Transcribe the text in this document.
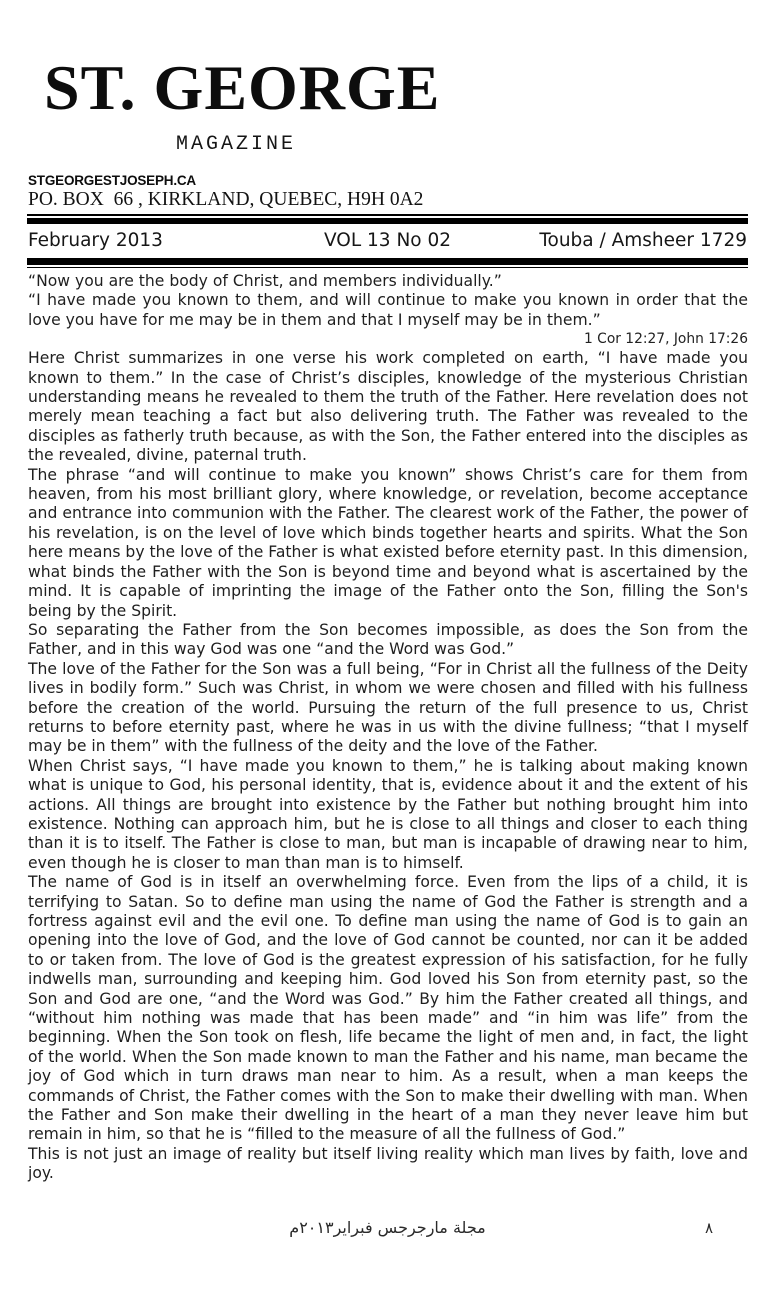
ST. GEORGE
MAGAZINE
STGEORGESTJOSEPH.CA
PO. BOX  66 , KIRKLAND, QUEBEC, H9H 0A2
February 2013	VOL 13 No 02	Touba / Amsheer 1729

“Now you are the body of Christ, and members individually.”

“I have made you known to them, and will continue to make you known in order that the love you have for me may be in them and that I myself may be in them.”

1 Cor 12:27, John 17:26

Here Christ summarizes in one verse his work completed on earth, “I have made you known to them.” In the case of Christ’s disciples, knowledge of the mysterious Christian understanding means he revealed to them the truth of the Father. Here revelation does not merely mean teaching a fact but also delivering truth. The Father was revealed to the disciples as fatherly truth because, as with the Son, the Father entered into the disciples as the revealed, divine, paternal truth.

The phrase “and will continue to make you known” shows Christ’s care for them from heaven, from his most brilliant glory, where knowledge, or revelation, become acceptance and entrance into communion with the Father. The clearest work of the Father, the power of his revelation, is on the level of love which binds together hearts and spirits. What the Son here means by the love of the Father is what existed before eternity past. In this dimension, what binds the Father with the Son is beyond time and beyond what is ascertained by the mind. It is capable of imprinting the image of the Father onto the Son, filling the Son's being by the Spirit.

So separating the Father from the Son becomes impossible, as does the Son from the Father, and in this way God was one “and the Word was God.”

The love of the Father for the Son was a full being, “For in Christ all the fullness of the Deity lives in bodily form.” Such was Christ, in whom we were chosen and filled with his fullness before the creation of the world. Pursuing the return of the full presence to us, Christ returns to before eternity past, where he was in us with the divine fullness; “that I myself may be in them” with the fullness of the deity and the love of the Father.

When Christ says, “I have made you known to them,” he is talking about making known what is unique to God, his personal identity, that is, evidence about it and the extent of his actions. All things are brought into existence by the Father but nothing brought him into existence. Nothing can approach him, but he is close to all things and closer to each thing than it is to itself. The Father is close to man, but man is incapable of drawing near to him, even though he is closer to man than man is to himself.

The name of God is in itself an overwhelming force. Even from the lips of a child, it is terrifying to Satan. So to define man using the name of God the Father is strength and a fortress against evil and the evil one. To define man using the name of God is to gain an opening into the love of God, and the love of God cannot be counted, nor can it be added to or taken from. The love of God is the greatest expression of his satisfaction, for he fully indwells man, surrounding and keeping him. God loved his Son from eternity past, so the Son and God are one, “and the Word was God.” By him the Father created all things, and “without him nothing was made that has been made” and “in him was life” from the beginning. When the Son took on flesh, life became the light of men and, in fact, the light of the world. When the Son made known to man the Father and his name, man became the joy of God which in turn draws man near to him. As a result, when a man keeps the commands of Christ, the Father comes with the Son to make their dwelling with man. When the Father and Son make their dwelling in the heart of a man they never leave him but remain in him, so that he is “filled to the measure of all the fullness of God.”

This is not just an image of reality but itself living reality which man lives by faith, love and joy.

مجلة مارجرجس فبراير٢٠١٣م	٨
